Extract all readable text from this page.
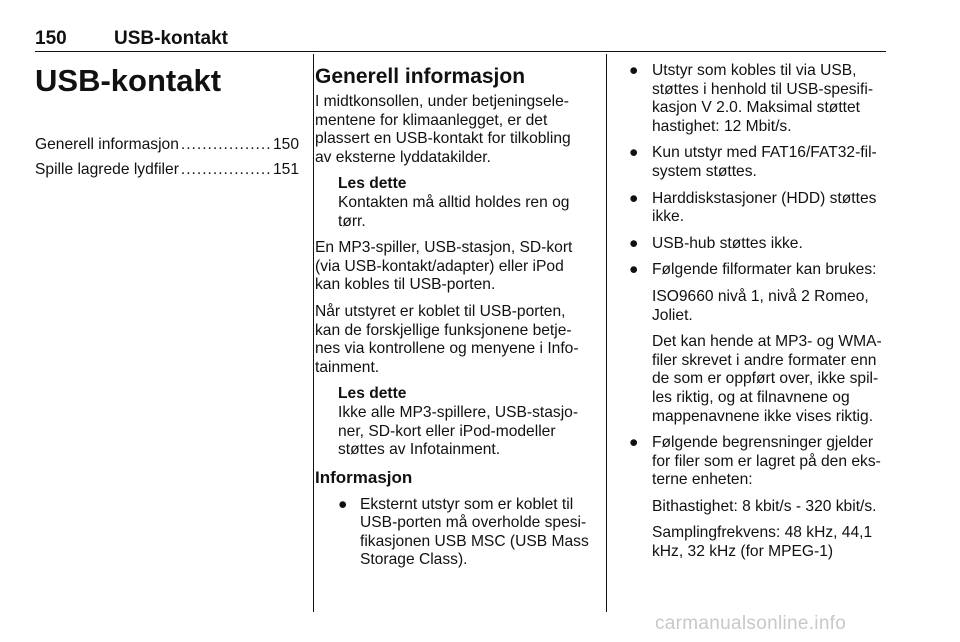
150 USB-kontakt
USB-kontakt
Generell informasjon .....	150
Spille lagrede lydfiler .....	151
Generell informasjon

I midtkonsollen, under betjeningselementene for klimaanlegget, er det plassert en USB-kontakt for tilkobling av eksterne lyddatakilder.

Les dette
Kontakten må alltid holdes ren og tørr.

En MP3-spiller, USB-stasjon, SD-kort (via USB-kontakt/adapter) eller iPod kan kobles til USB-porten.

Når utstyret er koblet til USB-porten, kan de forskjellige funksjonene betjenes via kontrollene og menyene i Infotainment.

Les dette
Ikke alle MP3-spillere, USB-stasjoner, SD-kort eller iPod-modeller støttes av Infotainment.
Informasjon
● Eksternt utstyr som er koblet til USB-porten må overholde spesifikasjonen USB MSC (USB Mass Storage Class).
● Utstyr som kobles til via USB, støttes i henhold til USB-spesifikasjon V 2.0. Maksimal støttet hastighet: 12 Mbit/s.
● Kun utstyr med FAT16/FAT32-filsystem støttes.
● Harddiskstasjoner (HDD) støttes ikke.
● USB-hub støttes ikke.
● Følgende filformater kan brukes:
ISO9660 nivå 1, nivå 2 Romeo, Joliet.
Det kan hende at MP3- og WMA-filer skrevet i andre formater enn de som er oppført over, ikke spilles riktig, og at filnavnene og mappenavnene ikke vises riktig.
● Følgende begrensninger gjelder for filer som er lagret på den eksterne enheten:
Bithastighet: 8 kbit/s - 320 kbit/s.
Samplingfrekvens: 48 kHz, 44,1 kHz, 32 kHz (for MPEG-1)
carmanualsonline.info
